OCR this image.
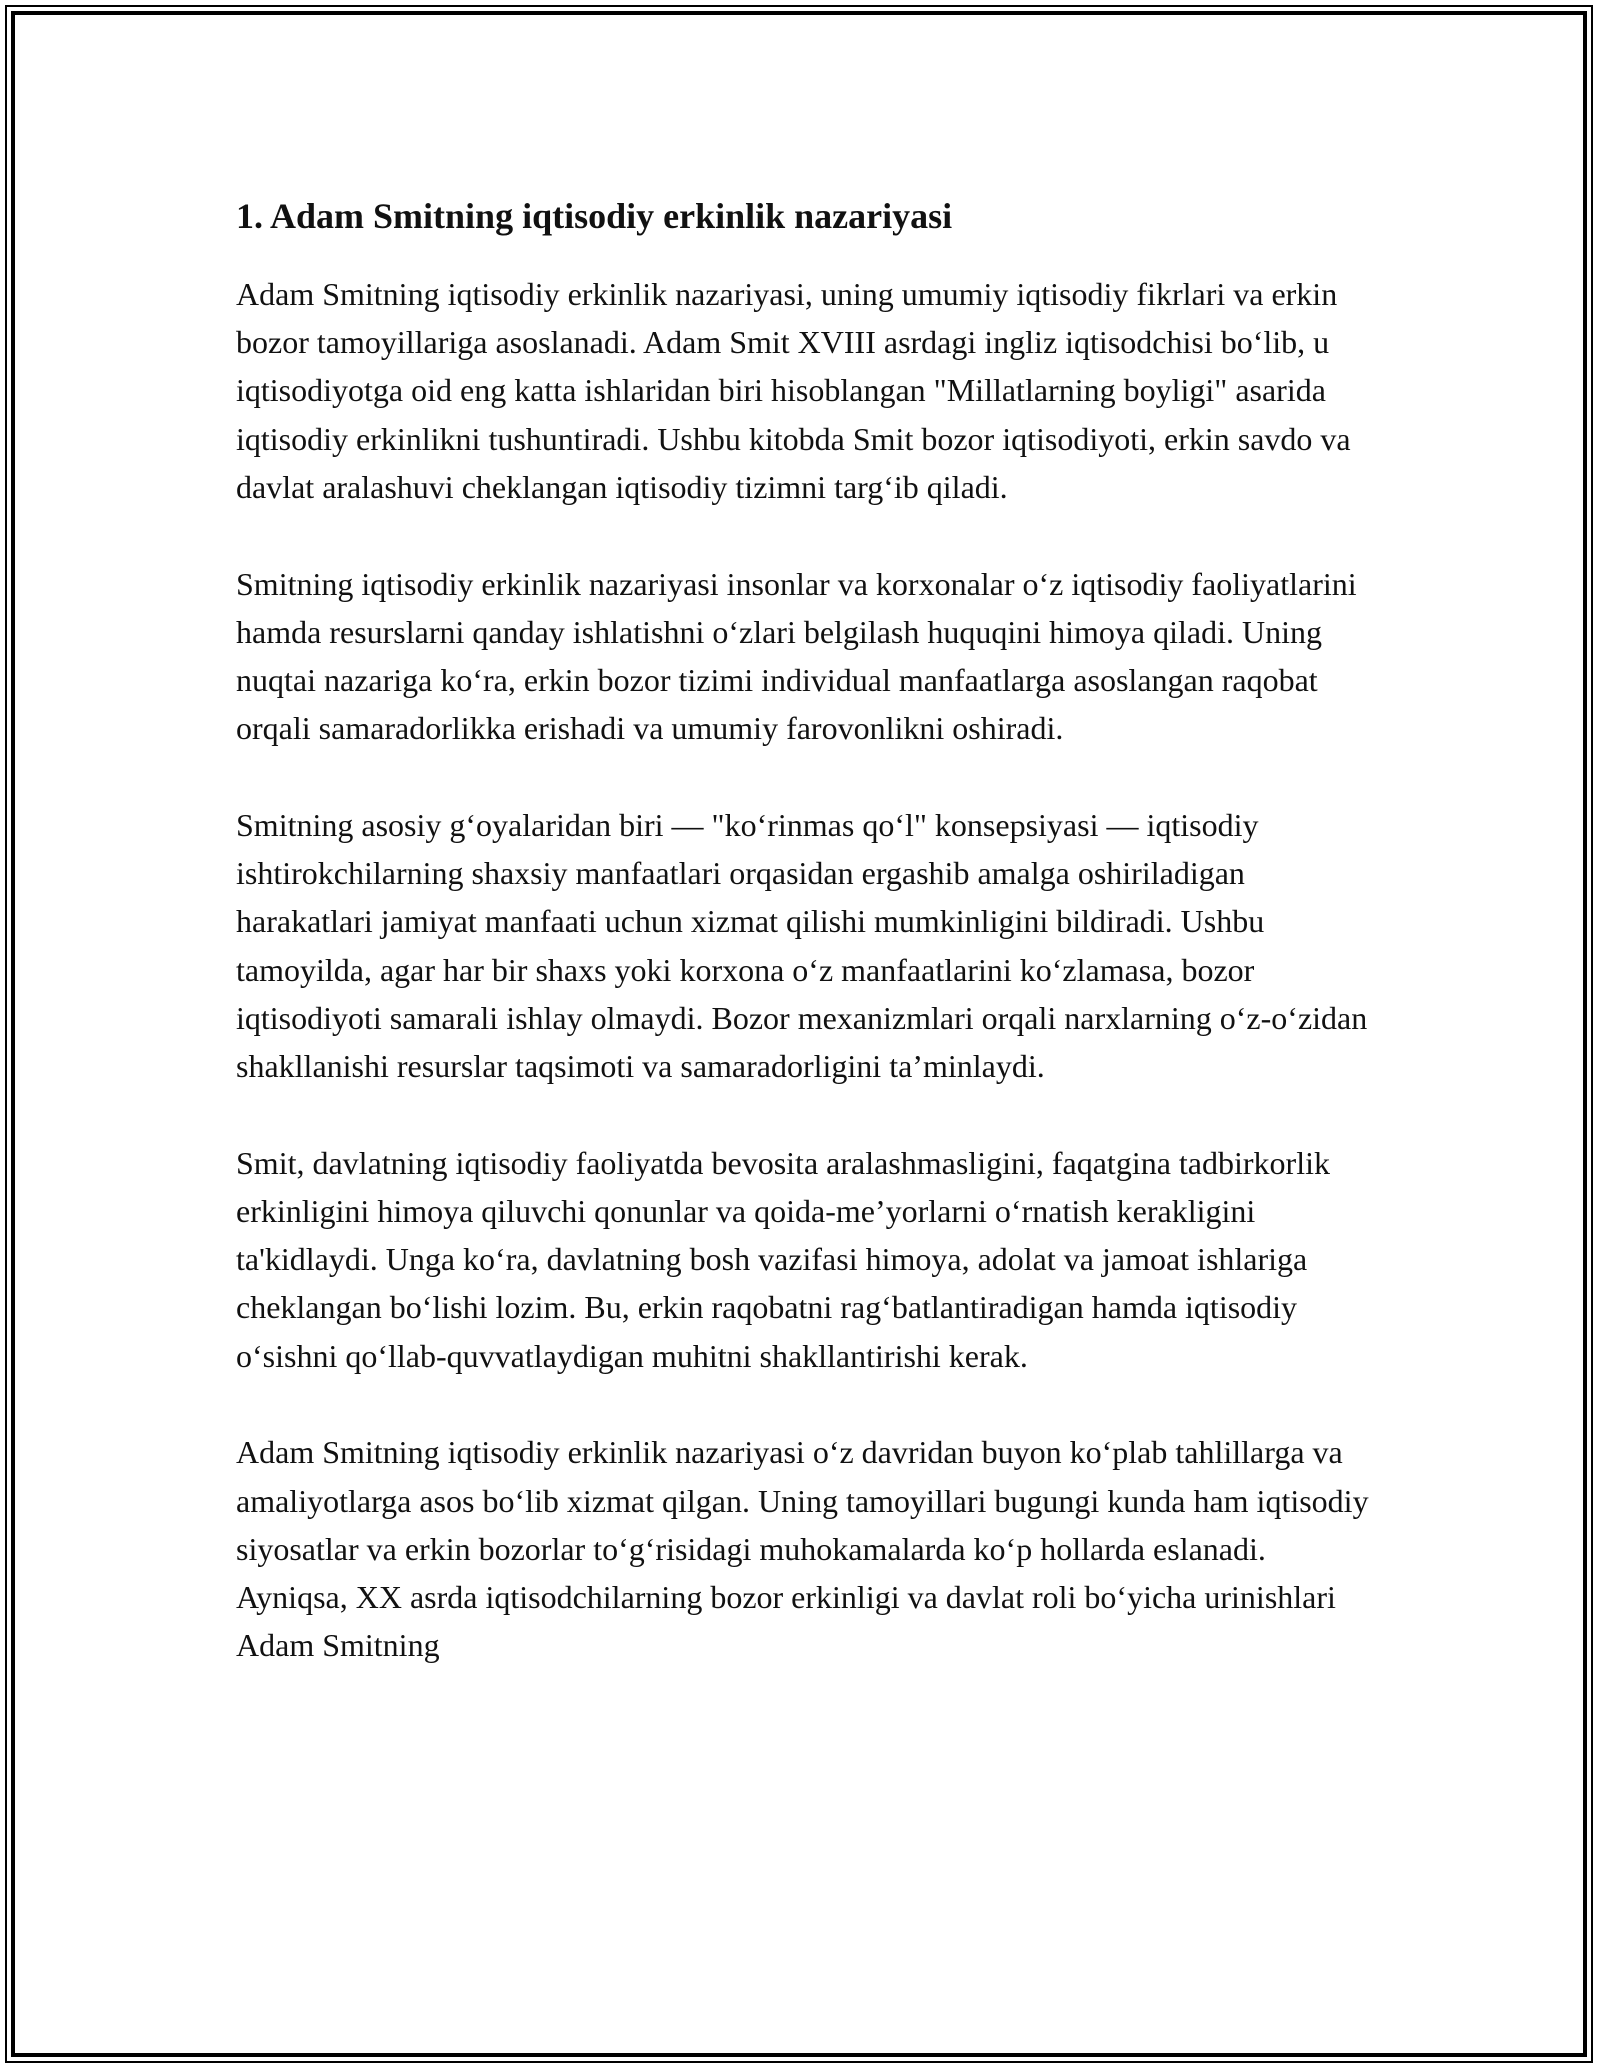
1. Adam Smitning iqtisodiy erkinlik nazariyasi

Adam Smitning iqtisodiy erkinlik nazariyasi, uning umumiy iqtisodiy fikrlari va erkin bozor tamoyillariga asoslanadi. Adam Smit XVIII asrdagi ingliz iqtisodchisi bo‘lib, u iqtisodiyotga oid eng katta ishlaridan biri hisoblangan "Millatlarning boyligi" asarida iqtisodiy erkinlikni tushuntiradi. Ushbu kitobda Smit bozor iqtisodiyoti, erkin savdo va davlat aralashuvi cheklangan iqtisodiy tizimni targ‘ib qiladi.

Smitning iqtisodiy erkinlik nazariyasi insonlar va korxonalar o‘z iqtisodiy faoliyatlarini hamda resurslarni qanday ishlatishni o‘zlari belgilash huquqini himoya qiladi. Uning nuqtai nazariga ko‘ra, erkin bozor tizimi individual manfaatlarga asoslangan raqobat orqali samaradorlikka erishadi va umumiy farovonlikni oshiradi.

Smitning asosiy g‘oyalaridan biri — "ko‘rinmas qo‘l" konsepsiyasi — iqtisodiy ishtirokchilarning shaxsiy manfaatlari orqasidan ergashib amalga oshiriladigan harakatlari jamiyat manfaati uchun xizmat qilishi mumkinligini bildiradi. Ushbu tamoyilda, agar har bir shaxs yoki korxona o‘z manfaatlarini ko‘zlamasa, bozor iqtisodiyoti samarali ishlay olmaydi. Bozor mexanizmlari orqali narxlarning o‘z-o‘zidan shakllanishi resurslar taqsimoti va samaradorligini ta’minlaydi.

Smit, davlatning iqtisodiy faoliyatda bevosita aralashmasligini, faqatgina tadbirkorlik erkinligini himoya qiluvchi qonunlar va qoida-me’yorlarni o‘rnatish kerakligini ta'kidlaydi. Unga ko‘ra, davlatning bosh vazifasi himoya, adolat va jamoat ishlariga cheklangan bo‘lishi lozim. Bu, erkin raqobatni rag‘batlantiradigan hamda iqtisodiy o‘sishni qo‘llab-quvvatlaydigan muhitni shakllantirishi kerak.

Adam Smitning iqtisodiy erkinlik nazariyasi o‘z davridan buyon ko‘plab tahlillarga va amaliyotlarga asos bo‘lib xizmat qilgan. Uning tamoyillari bugungi kunda ham iqtisodiy siyosatlar va erkin bozorlar to‘g‘risidagi muhokamalarda ko‘p hollarda eslanadi. Ayniqsa, XX asrda iqtisodchilarning bozor erkinligi va davlat roli bo‘yicha urinishlari Adam Smitning
